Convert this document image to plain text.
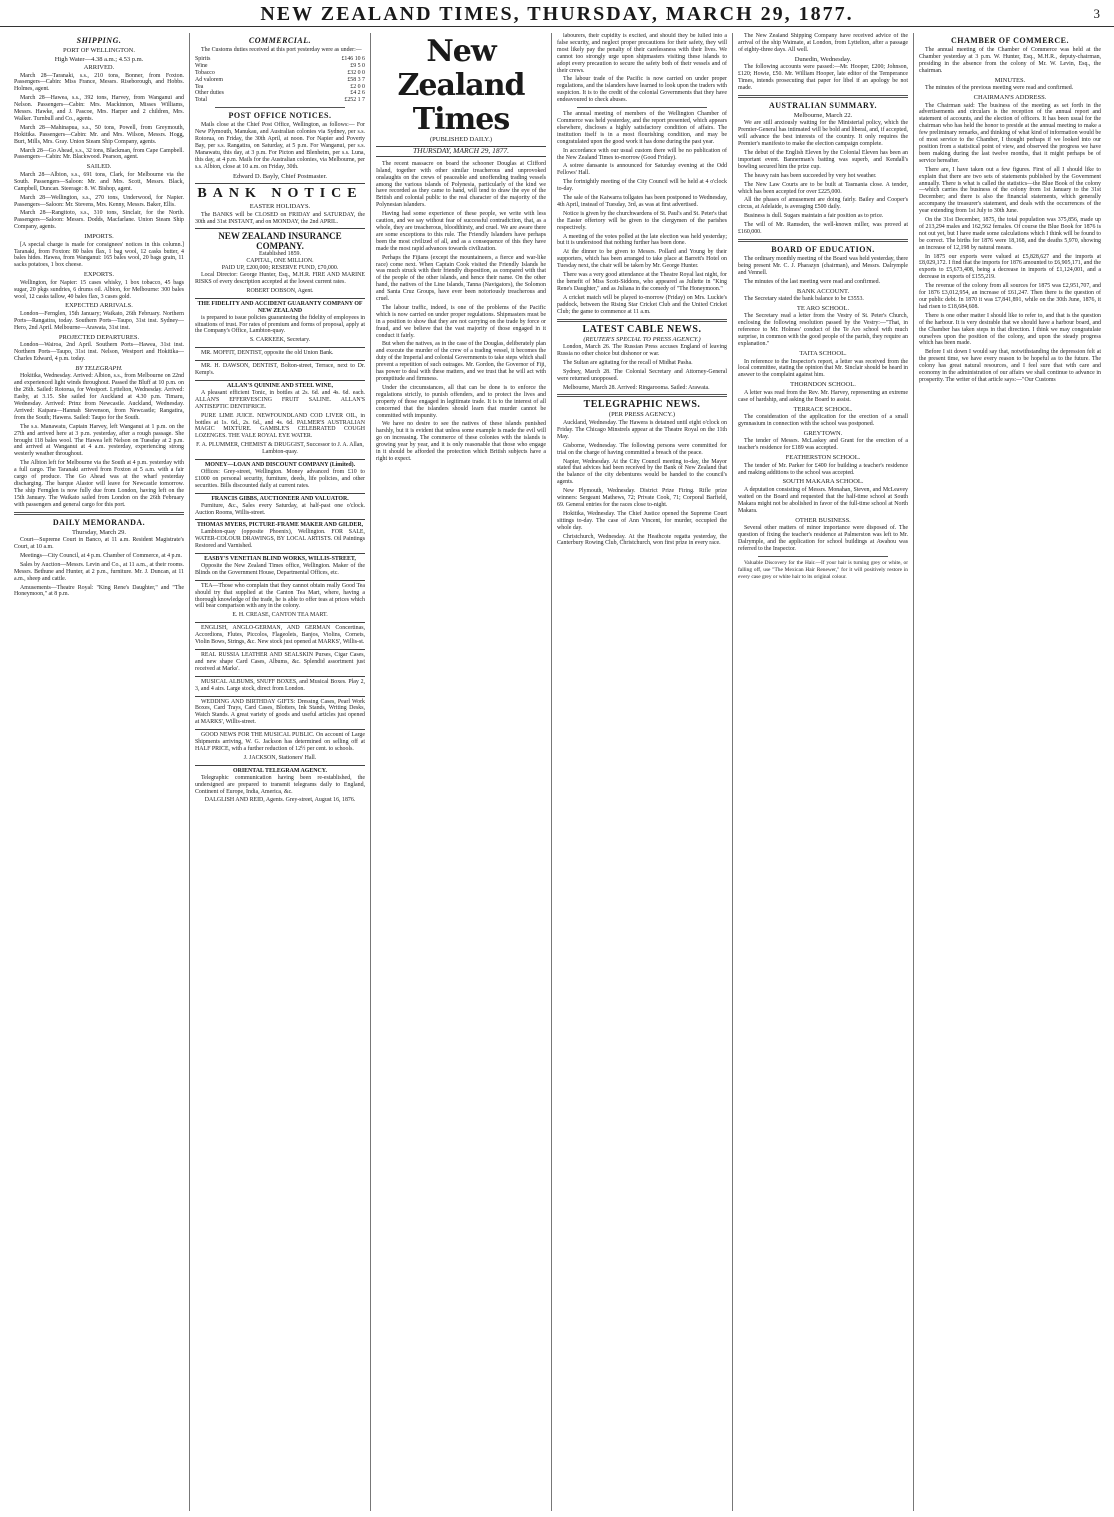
NEW ZEALAND TIMES, THURSDAY, MARCH 29, 1877.	3
SHIPPING.
PORT OF WELLINGTON.
High Water—4.38 a.m.; 4.53 p.m.
ARRIVED.
March 28—Taranaki, s.s., 210 tons, Bonner, from Foxton. Passengers—Cabin: Miss France, Messrs. Riseborough, and Hobbs. Holmes, agent.
March 28—Hawea, s.s., 392 tons, Harvey, from Wanganui and Nelson. Passengers—Cabin: Mrs. Mackinnon, Misses Williams, Messrs. Hawke, and J. Pascoe, Mrs. Harper and 2 children, Mrs. Walker. Turnbull and Co., agents.
March 28—Mahinapua, s.s., 50 tons, Powell, from Greymouth, Hokitika. Passengers—Cabin: Mr. and Mrs. Wilson, Messrs. Hogg, Burt, Mills, Mrs. Gray. Union Steam Ship Company, agents.
March 28—Go Ahead, s.s., 32 tons, Blackman, from Cape Campbell. Passengers—Cabin: Mr. Blackwood. Pearson, agent.
SAILED.
March 28—Albion, s.s., 691 tons, Clark, for Melbourne via the South. Passengers—Saloon: Mr. and Mrs. Scott, Messrs. Black, Campbell, Duncan. Steerage: 8. W. Bishop, agent.
March 28—Wellington, s.s., 270 tons, Underwood, for Napier. Passengers—Saloon: Mr. Stevens, Mrs. Kenny, Messrs. Baker, Ellis.
March 28—Rangitoto, s.s., 310 tons, Sinclair, for the North. Passengers—Saloon: Messrs. Dodds, Macfarlane. Union Steam Ship Company, agents.
IMPORTS.
[A special charge is made for consignees' notices in this column.] Taranaki, from Foxton: 80 bales flax, 1 bag wool, 12 casks butter, 4 bales hides. Hawea, from Wanganui: 165 bales wool, 20 bags grain, 11 sacks potatoes, 1 box cheese.
EXPORTS.
Wellington, for Napier: 15 cases whisky, 1 box tobacco, 45 bags sugar, 20 pkgs sundries, 6 drums oil. Albion, for Melbourne: 300 bales wool, 12 casks tallow, 40 bales flax, 3 cases gold.
EXPECTED ARRIVALS.
London—Fernglen, 15th January; Waikato, 26th February. Northern Ports—Rangatira, today. Southern Ports—Taupo, 31st inst. Sydney—Hero, 2nd April. Melbourne—Arawata, 31st inst.
PROJECTED DEPARTURES.
London—Wairoa, 2nd April. Southern Ports—Hawea, 31st inst. Northern Ports—Taupo, 31st inst. Nelson, Westport and Hokitika—Charles Edward, 4 p.m. today.
BY TELEGRAPH.
Hokitika, Wednesday. Arrived: Albion, s.s., from Melbourne on 22nd and experienced light winds throughout. Passed the Bluff at 10 p.m. on the 26th. Sailed: Rotorua, for Westport. Lyttelton, Wednesday. Arrived: Easby, at 3.15. She sailed for Auckland at 4.30 p.m. Timaru, Wednesday. Arrived: Prinz from Newcastle. Auckland, Wednesday. Arrived: Kaipara—Hannah Stevenson, from Newcastle; Rangatira, from the South; Hawera. Sailed: Taupo for the South.
The s.s. Manawatu, Captain Harvey, left Wanganui at 1 p.m. on the 27th and arrived here at 3 p.m. yesterday, after a rough passage. She brought 118 bales wool. The Hawea left Nelson on Tuesday at 2 p.m. and arrived at Wanganui at 4 a.m. yesterday, experiencing strong westerly weather throughout.
The Albion left for Melbourne via the South at 4 p.m. yesterday with a full cargo. The Taranaki arrived from Foxton at 5 a.m. with a fair cargo of produce. The Go Ahead was at the wharf yesterday discharging. The barque Alastor will leave for Newcastle tomorrow. The ship Fernglen is now fully due from London, having left on the 15th January. The Waikato sailed from London on the 26th February with passengers and general cargo for this port.
DAILY MEMORANDA.
Thursday, March 29.
Court—Supreme Court in Banco, at 11 a.m. Resident Magistrate's Court, at 10 a.m.
Meetings—City Council, at 4 p.m. Chamber of Commerce, at 4 p.m.
Sales by Auction—Messrs. Levin and Co., at 11 a.m., at their rooms. Messrs. Bethune and Hunter, at 2 p.m., furniture. Mr. J. Duncan, at 11 a.m., sheep and cattle.
Amusements—Theatre Royal: "King Rene's Daughter," and "The Honeymoon," at 8 p.m.
COMMERCIAL.
The Customs duties received at this port yesterday were as under:—
Spirits	£146 10 6
Wine	£9 5 0
Tobacco	£32 0 0
Ad valorem	£58 3 7
Tea	£2 0 0
Other duties	£4 2 6
Total	£252 1 7
POST OFFICE NOTICES.
Mails close at the Chief Post Office, Wellington, as follows:— For New Plymouth, Manukau, and Australian colonies via Sydney, per s.s. Rotorua, on Friday, the 30th April, at noon. For Napier and Poverty Bay, per s.s. Rangatira, on Saturday, at 5 p.m. For Wanganui, per s.s. Manawatu, this day, at 3 p.m. For Picton and Blenheim, per s.s. Luna, this day, at 4 p.m. Mails for the Australian colonies, via Melbourne, per s.s. Albion, close at 10 a.m. on Friday, 30th.
Edward D. Bayly, Chief Postmaster.
BANK NOTICE
EASTER HOLIDAYS.
The BANKS will be CLOSED on FRIDAY and SATURDAY, the 30th and 31st INSTANT, and on MONDAY, the 2nd APRIL.
NEW ZEALAND INSURANCE COMPANY.
Established 1859.
CAPITAL, ONE MILLION.
PAID UP, £200,000; RESERVE FUND, £70,000.
Local Director: George Hunter, Esq., M.H.R. FIRE AND MARINE RISKS of every description accepted at the lowest current rates.
ROBERT DOBSON, Agent.
THE FIDELITY AND ACCIDENT GUARANTY COMPANY OF NEW ZEALAND
is prepared to issue policies guaranteeing the fidelity of employees in situations of trust. For rates of premium and forms of proposal, apply at the Company's Office, Lambton-quay.
S. CARKEEK, Secretary.
MR. MOFFIT, DENTIST, opposite the old Union Bank.
MR. H. DAWSON, DENTIST, Bolton-street, Terrace, next to Dr. Kemp's.
ALLAN'S QUININE AND STEEL WINE,
A pleasant efficient Tonic, in bottles at 2s. 6d. and 4s. 6d. each. ALLAN'S EFFERVESCING FRUIT SALINE. ALLAN'S ANTISEPTIC DENTIFRICE.
PURE LIME JUICE. NEWFOUNDLAND COD LIVER OIL, in bottles at 1s. 6d., 2s. 6d., and 4s. 6d. PALMER'S AUSTRALIAN MAGIC MIXTURE. GAMBLE'S CELEBRATED COUGH LOZENGES. THE VALE ROYAL EYE WATER.
F. A. PLUMMER, CHEMIST & DRUGGIST, Successor to J. A. Allan, Lambton-quay.
MONEY—LOAN AND DISCOUNT COMPANY (Limited).
Offices: Grey-street, Wellington. Money advanced from £10 to £1000 on personal security, furniture, deeds, life policies, and other securities. Bills discounted daily at current rates.
FRANCIS GIBBS, AUCTIONEER AND VALUATOR.
Furniture, &c., Sales every Saturday, at half-past one o'clock. Auction Rooms, Willis-street.
THOMAS MYERS, PICTURE-FRAME MAKER AND GILDER,
Lambton-quay (opposite Phoenix), Wellington. FOR SALE, WATER-COLOUR DRAWINGS, BY LOCAL ARTISTS. Oil Paintings Restored and Varnished.
EASBY'S VENETIAN BLIND WORKS, WILLIS-STREET,
Opposite the New Zealand Times office, Wellington. Maker of the Blinds on the Government House, Departmental Offices, etc.
TEA—Those who complain that they cannot obtain really Good Tea should try that supplied at the Canton Tea Mart, where, having a thorough knowledge of the trade, he is able to offer teas at prices which will bear comparison with any in the colony.
E. H. CREASE, CANTON TEA MART.
ENGLISH, ANGLO-GERMAN, AND GERMAN Concertinas, Accordions, Flutes, Piccolos, Flageolets, Banjos, Violins, Cornets, Violin Bows, Strings, &c. New stock just opened at MARKS', Willis-st.
REAL RUSSIA LEATHER AND SEALSKIN Purses, Cigar Cases, and new shape Card Cases, Albums, &c. Splendid assortment just received at Marks'.
MUSICAL ALBUMS, SNUFF BOXES, and Musical Boxes. Play 2, 3, and 4 airs. Large stock, direct from London.
WEDDING AND BIRTHDAY GIFTS: Dressing Cases, Pearl Work Boxes, Card Trays, Card Cases, Blotters, Ink Stands, Writing Desks, Watch Stands. A great variety of goods and useful articles just opened at MARKS', Willis-street.
GOOD NEWS FOR THE MUSICAL PUBLIC. On account of Large Shipments arriving, W. G. Jackson has determined on selling off at HALF PRICE, with a further reduction of 12½ per cent. to schools.
J. JACKSON, Stationers' Hall.
ORIENTAL TELEGRAM AGENCY.
Telegraphic communication having been re-established, the undersigned are prepared to transmit telegrams daily to England, Continent of Europe, India, America, &c.
DALGLISH AND REID, Agents. Grey-street, August 16, 1876.
New Zealand Times
(PUBLISHED DAILY.)
THURSDAY, MARCH 29, 1877.
The recent massacre on board the schooner Douglas at Clifford Island, together with other similar treacherous and unprovoked onslaughts on the crews of peaceable and unoffending trading vessels among the various islands of Polynesia, particularly of the kind we have recorded as they came to hand, will tend to draw the eye of the British and colonial public to the real character of the majority of the Polynesian islanders.
Having had some experience of these people, we write with less caution, and we say without fear of successful contradiction, that, as a whole, they are treacherous, bloodthirsty, and cruel. We are aware there are some exceptions to this rule. The Friendly Islanders have perhaps been the most civilized of all, and as a consequence of this they have made the most rapid advances towards civilization.
Perhaps the Fijians (except the mountaineers, a fierce and war-like race) come next. When Captain Cook visited the Friendly Islands he was much struck with their friendly disposition, as compared with that of the people of the other islands, and hence their name. On the other hand, the natives of the Line Islands, Tanna (Navigators), the Solomon and Santa Cruz Groups, have ever been notoriously treacherous and cruel.
The labour traffic, indeed, is one of the problems of the Pacific which is now carried on under proper regulations. Shipmasters must be in a position to show that they are not carrying on the trade by force or fraud, and we believe that the vast majority of those engaged in it conduct it fairly.
But when the natives, as in the case of the Douglas, deliberately plan and execute the murder of the crew of a trading vessel, it becomes the duty of the Imperial and colonial Governments to take steps which shall prevent a repetition of such outrages. Mr. Gordon, the Governor of Fiji, has power to deal with these matters, and we trust that he will act with promptitude and firmness.
Under the circumstances, all that can be done is to enforce the regulations strictly, to punish offenders, and to protect the lives and property of those engaged in legitimate trade. It is to the interest of all concerned that the islanders should learn that murder cannot be committed with impunity.
We have no desire to see the natives of these islands punished harshly, but it is evident that unless some example is made the evil will go on increasing. The commerce of these colonies with the islands is growing year by year, and it is only reasonable that those who engage in it should be afforded the protection which British subjects have a right to expect.
labourers, their cupidity is excited, and should they be lulled into a false security, and neglect proper precautions for their safety, they will most likely pay the penalty of their carelessness with their lives. We cannot too strongly urge upon shipmasters visiting these islands to adopt every precaution to secure the safety both of their vessels and of their crews.
The labour trade of the Pacific is now carried on under proper regulations, and the islanders have learned to look upon the traders with suspicion. It is to the credit of the colonial Governments that they have endeavoured to check abuses.
The annual meeting of members of the Wellington Chamber of Commerce was held yesterday, and the report presented, which appears elsewhere, discloses a highly satisfactory condition of affairs. The institution itself is in a most flourishing condition, and may be congratulated upon the good work it has done during the past year.
In accordance with our usual custom there will be no publication of the New Zealand Times to-morrow (Good Friday).
A soiree dansante is announced for Saturday evening at the Odd Fellows' Hall.
The fortnightly meeting of the City Council will be held at 4 o'clock to-day.
The sale of the Kaiwarra tollgates has been postponed to Wednesday, 4th April, instead of Tuesday, 3rd, as was at first advertised.
Notice is given by the churchwardens of St. Paul's and St. Peter's that the Easter offertory will be given to the clergymen of the parishes respectively.
A meeting of the votes polled at the late election was held yesterday; but it is understood that nothing further has been done.
At the dinner to be given to Messrs. Pollard and Young by their supporters, which has been arranged to take place at Barrett's Hotel on Tuesday next, the chair will be taken by Mr. George Hunter.
There was a very good attendance at the Theatre Royal last night, for the benefit of Miss Scott-Siddons, who appeared as Juliette in "King Rene's Daughter," and as Juliana in the comedy of "The Honeymoon."
A cricket match will be played to-morrow (Friday) on Mrs. Luckie's paddock, between the Rising Star Cricket Club and the United Cricket Club; the game to commence at 11 a.m.
LATEST CABLE NEWS.
(REUTER'S SPECIAL TO PRESS AGENCY.)
London, March 26. The Russian Press accuses England of leaving Russia no other choice but dishonor or war.
The Sultan are agitating for the recall of Midhat Pasha.
Sydney, March 28. The Colonial Secretary and Attorney-General were returned unopposed.
Melbourne, March 28. Arrived: Ringarooma. Sailed: Arawata.
TELEGRAPHIC NEWS.
(PER PRESS AGENCY.)
Auckland, Wednesday. The Hawera is detained until eight o'clock on Friday. The Chicago Minstrels appear at the Theatre Royal on the 11th May.
Gisborne, Wednesday. The following persons were committed for trial on the charge of having committed a breach of the peace.
Napier, Wednesday. At the City Council meeting to-day, the Mayor stated that advices had been received by the Bank of New Zealand that the balance of the city debentures would be handed to the council's agents.
New Plymouth, Wednesday. District Prize Firing. Rifle prize winners: Sergeant Mathews, 72; Private Cook, 71; Corporal Barfield, 69. General entries for the races close to-night.
Hokitika, Wednesday. The Chief Justice opened the Supreme Court sittings to-day. The case of Ann Vincent, for murder, occupied the whole day.
Christchurch, Wednesday. At the Heathcote regatta yesterday, the Canterbury Rowing Club, Christchurch, won first prize in every race.
The New Zealand Shipping Company have received advice of the arrival of the ship Waimate, at London, from Lyttelton, after a passage of eighty-three days. All well.
Dunedin, Wednesday.
The following accounts were passed:—Mr. Hooper, £200; Johnson, £120; Howie, £50. Mr. William Hooper, late editor of the Temperance Times, intends prosecuting that paper for libel if an apology be not made.
AUSTRALIAN SUMMARY.
Melbourne, March 22.
We are still anxiously waiting for the Ministerial policy, which the Premier-General has intimated will be bold and liberal, and, if accepted, will advance the best interests of the country. It only requires the Premier's manifesto to make the election campaign complete.
The debut of the English Eleven by the Colonial Eleven has been an important event. Bannerman's batting was superb, and Kendall's bowling secured him the prize cup.
The heavy rain has been succeeded by very hot weather.
The New Law Courts are to be built at Tasmania close. A tender, which has been accepted for over £225,000.
All the phases of amusement are doing fairly. Bailey and Cooper's circus, at Adelaide, is averaging £500 daily.
Business is dull. Sugars maintain a fair position as to price.
The will of Mr. Ramsden, the well-known miller, was proved at £160,000.
BOARD OF EDUCATION.
The ordinary monthly meeting of the Board was held yesterday, there being present Mr. C. J. Pharazyn (chairman), and Messrs. Dalrymple and Vennell.
The minutes of the last meeting were read and confirmed.
BANK ACCOUNT.
The Secretary stated the bank balance to be £3553.
TE ARO SCHOOL.
The Secretary read a letter from the Vestry of St. Peter's Church, enclosing the following resolution passed by the Vestry:—"That, in reference to Mr. Holmes' conduct of the Te Aro school with much surprise, in common with the good people of the parish, they require an explanation."
TAITA SCHOOL.
In reference to the Inspector's report, a letter was received from the local committee, stating the opinion that Mr. Sinclair should be heard in answer to the complaint against him.
THORNDON SCHOOL.
A letter was read from the Rev. Mr. Harvey, representing an extreme case of hardship, and asking the Board to assist.
TERRACE SCHOOL.
The consideration of the application for the erection of a small gymnasium in connection with the school was postponed.
GREYTOWN.
The tender of Messrs. McLaskey and Grant for the erection of a teacher's residence for £189 was accepted.
FEATHERSTON SCHOOL.
The tender of Mr. Parker for £400 for building a teacher's residence and making additions to the school was accepted.
SOUTH MAKARA SCHOOL.
A deputation consisting of Messrs. Monahan, Steven, and McLeavey waited on the Board and requested that the half-time school at South Makara might not be abolished in favor of the full-time school at North Makara.
OTHER BUSINESS.
Several other matters of minor importance were disposed of. The question of fixing the teacher's residence at Palmerston was left to Mr. Dalrymple, and the application for school buildings at Awahou was referred to the Inspector.
Valuable Discovery for the Hair.—If your hair is turning grey or white, or falling off, use "The Mexican Hair Renewer," for it will positively restore in every case grey or white hair to its original colour.
CHAMBER OF COMMERCE.
The annual meeting of the Chamber of Commerce was held at the Chamber yesterday at 3 p.m. W. Hunter, Esq., M.H.R., deputy-chairman, presiding in the absence from the colony of Mr. W. Levin, Esq., the chairman.
MINUTES.
The minutes of the previous meeting were read and confirmed.
CHAIRMAN'S ADDRESS.
The Chairman said: The business of the meeting as set forth in the advertisements and circulars is the reception of the annual report and statement of accounts, and the election of officers. It has been usual for the chairman who has held the honor to preside at the annual meeting to make a few preliminary remarks, and thinking of what kind of information would be of most service to the Chamber, I thought perhaps if we looked into our position from a statistical point of view, and observed the progress we have been making during the last twelve months, that it might perhaps be of service hereafter.
There are, I have taken out a few figures. First of all I should like to explain that there are two sets of statements published by the Government annually. There is what is called the statistics—the Blue Book of the colony—which carries the business of the colony from 1st January to the 31st December; and there is also the financial statements, which generally accompany the treasurer's statement, and deals with the occurrences of the year extending from 1st July to 30th June.
On the 31st December, 1875, the total population was 375,856, made up of 213,294 males and 162,562 females. Of course the Blue Book for 1876 is not out yet, but I have made some calculations which I think will be found to be correct. The births for 1876 were 18,168, and the deaths 5,970, showing an increase of 12,198 by natural means.
In 1875 our exports were valued at £5,828,627 and the imports at £8,029,172. I find that the imports for 1876 amounted to £6,905,171, and the exports to £5,673,408, being a decrease in imports of £1,124,001, and a decrease in exports of £155,219.
The revenue of the colony from all sources for 1875 was £2,951,707, and for 1876 £3,012,954, an increase of £61,247. Then there is the question of our public debt. In 1870 it was £7,841,891, while on the 30th June, 1876, it had risen to £18,684,608.
There is one other matter I should like to refer to, and that is the question of the harbour. It is very desirable that we should have a harbour board, and the Chamber has taken steps in that direction. I think we may congratulate ourselves upon the position of the colony, and upon the steady progress which has been made.
Before I sit down I would say that, notwithstanding the depression felt at the present time, we have every reason to be hopeful as to the future. The colony has great natural resources, and I feel sure that with care and economy in the administration of our affairs we shall continue to advance in prosperity. The writer of that article says:—"Our Customs
